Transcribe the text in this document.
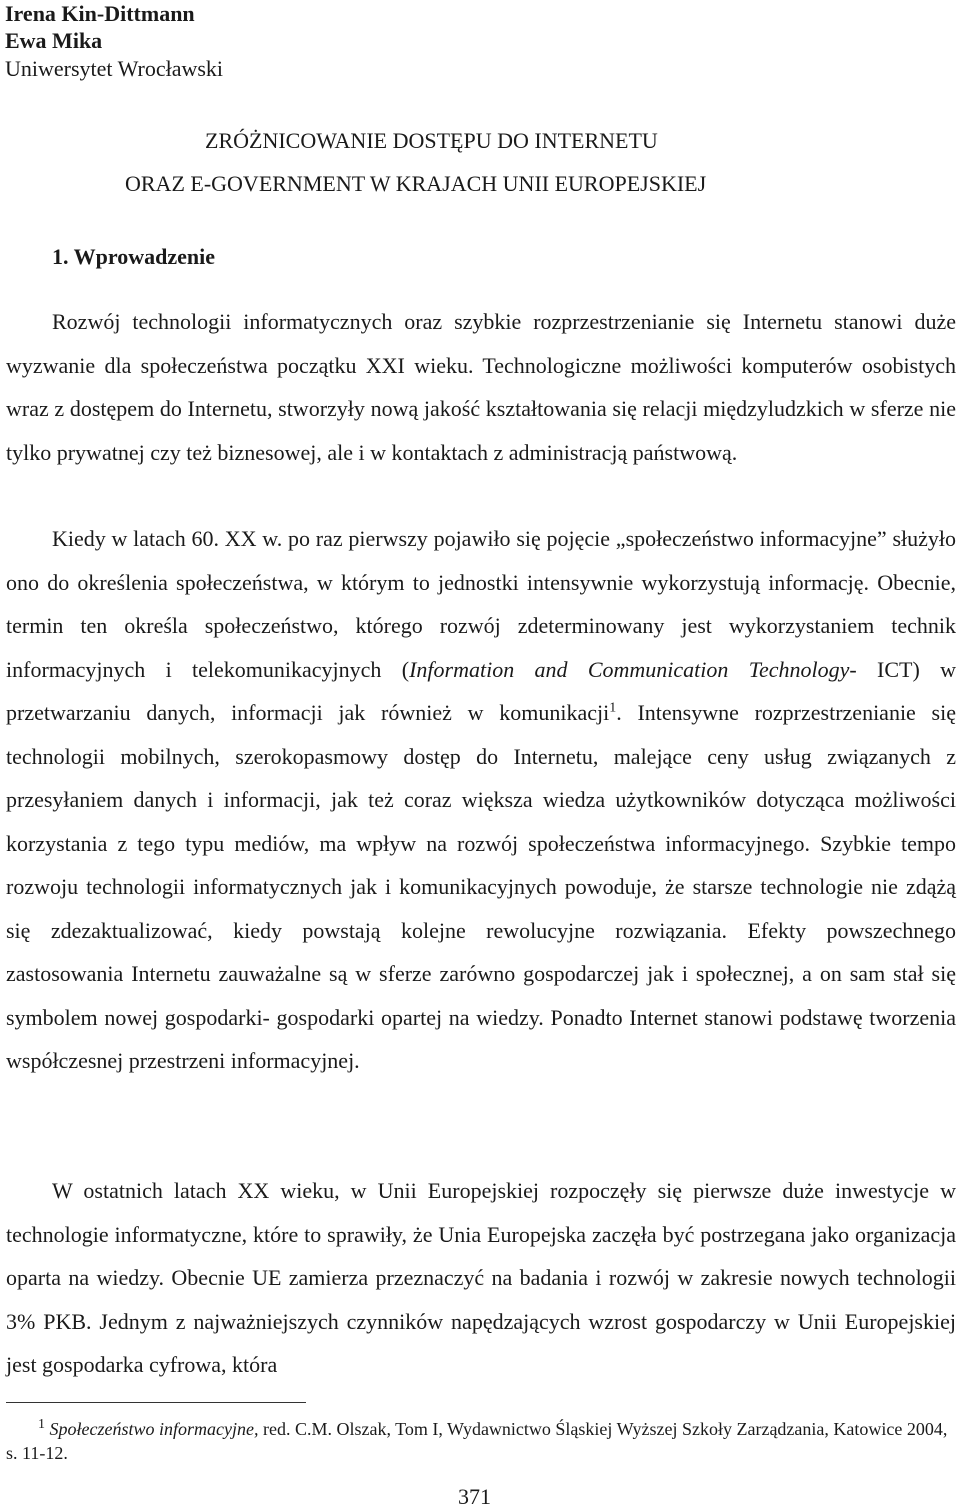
Irena Kin-Dittmann
Ewa Mika
Uniwersytet Wrocławski
ZRÓŻNICOWANIE DOSTĘPU DO INTERNETU
ORAZ E-GOVERNMENT W KRAJACH UNII EUROPEJSKIEJ
1. Wprowadzenie
Rozwój technologii informatycznych oraz szybkie rozprzestrzenianie się Internetu stanowi duże wyzwanie dla społeczeństwa początku XXI wieku. Technologiczne możliwości komputerów osobistych wraz z dostępem do Internetu, stworzyły nową jakość kształtowania się relacji międzyludzkich w sferze nie tylko prywatnej czy też biznesowej, ale i w kontaktach z administracją państwową.
Kiedy w latach 60. XX w. po raz pierwszy pojawiło się pojęcie „społeczeństwo informacyjne” służyło ono do określenia społeczeństwa, w którym to jednostki intensywnie wykorzystują informację. Obecnie, termin ten określa społeczeństwo, którego rozwój zdeterminowany jest wykorzystaniem technik informacyjnych i telekomunikacyjnych (Information and Communication Technology- ICT) w przetwarzaniu danych, informacji jak również w komunikacji$^1$. Intensywne rozprzestrzenianie się technologii mobilnych, szerokopasmowy dostęp do Internetu, malejące ceny usług związanych z przesyłaniem danych i informacji, jak też coraz większa wiedza użytkowników dotycząca możliwości korzystania z tego typu mediów, ma wpływ na rozwój społeczeństwa informacyjnego. Szybkie tempo rozwoju technologii informatycznych jak i komunikacyjnych powoduje, że starsze technologie nie zdążą się zdezaktualizować, kiedy powstają kolejne rewolucyjne rozwiązania. Efekty powszechnego zastosowania Internetu zauważalne są w sferze zarówno gospodarczej jak i społecznej, a on sam stał się symbolem nowej gospodarki- gospodarki opartej na wiedzy. Ponadto Internet stanowi podstawę tworzenia współczesnej przestrzeni informacyjnej.
W ostatnich latach XX wieku, w Unii Europejskiej rozpoczęły się pierwsze duże inwestycje w technologie informatyczne, które to sprawiły, że Unia Europejska zaczęła być postrzegana jako organizacja oparta na wiedzy. Obecnie UE zamierza przeznaczyć na badania i rozwój w zakresie nowych technologii 3% PKB. Jednym z najważniejszych czynników napędzających wzrost gospodarczy w Unii Europejskiej jest gospodarka cyfrowa, która
$^1$ Społeczeństwo informacyjne, red. C.M. Olszak, Tom I, Wydawnictwo Śląskiej Wyższej Szkoły Zarządzania, Katowice 2004, s. 11-12.
371
